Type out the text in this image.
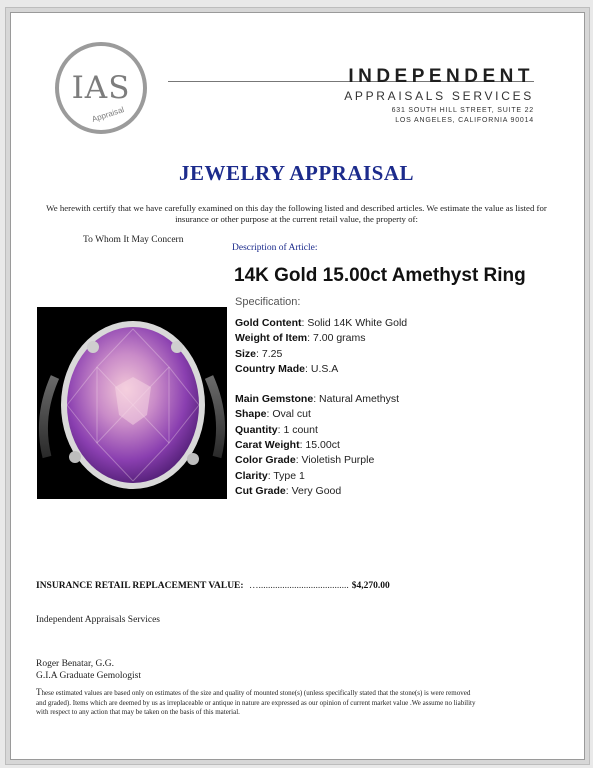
IAS
Appraisal
INDEPENDENT
APPRAISALS SERVICES
631 SOUTH HILL STREET, SUITE 22
LOS ANGELES, CALIFORNIA 90014
JEWELRY APPRAISAL
We herewith certify that we have carefully examined on this day the following listed and described articles. We estimate the value as listed for insurance or other purpose at the current retail value, the property of:
To Whom It May Concern
Description of Article:
14K Gold 15.00ct Amethyst Ring
Specification:
Gold Content: Solid 14K White Gold
Weight of Item: 7.00 grams
Size: 7.25
Country Made: U.S.A
Main Gemstone: Natural Amethyst
Shape: Oval cut
Quantity: 1 count
Carat Weight: 15.00ct
Color Grade: Violetish Purple
Clarity: Type 1
Cut Grade: Very Good
INSURANCE RETAIL REPLACEMENT VALUE: …...................................... $4,270.00
Independent Appraisals Services
Roger Benatar, G.G.
G.I.A Graduate Gemologist
These estimated values are based only on estimates of the size and quality of mounted stone(s) (unless specifically stated that the stone(s) is were removed and graded). Items which are deemed by us as irreplaceable or antique in nature are expressed as our opinion of current market value .We assume no liability with respect to any action that may be taken on the basis of this material.
